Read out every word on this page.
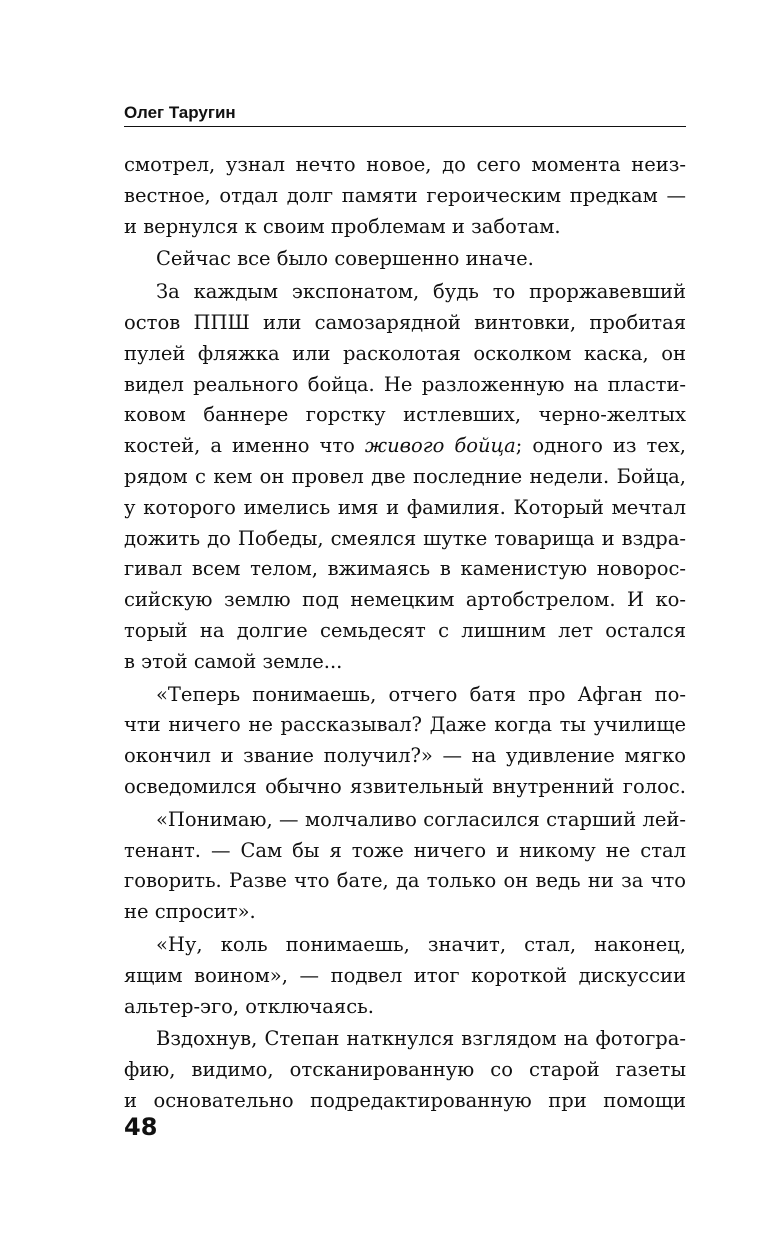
Олег Таругин
смотрел, узнал нечто новое, до сего момента неиз-
вестное, отдал долг памяти героическим предкам —
и вернулся к своим проблемам и заботам.
Сейчас все было совершенно иначе.
За каждым экспонатом, будь то проржавевший
остов ППШ или самозарядной винтовки, пробитая
пулей фляжка или расколотая осколком каска, он
видел реального бойца. Не разложенную на пласти-
ковом баннере горстку истлевших, черно-желтых
костей, а именно что живого бойца; одного из тех,
рядом с кем он провел две последние недели. Бойца,
у которого имелись имя и фамилия. Который мечтал
дожить до Победы, смеялся шутке товарища и вздра-
гивал всем телом, вжимаясь в каменистую новорос-
сийскую землю под немецким артобстрелом. И ко-
торый на долгие семьдесят с лишним лет остался
в этой самой земле...
«Теперь понимаешь, отчего батя про Афган по-
чти ничего не рассказывал? Даже когда ты училище
окончил и звание получил?» — на удивление мягко
осведомился обычно язвительный внутренний голос.
«Понимаю, — молчаливо согласился старший лей-
тенант. — Сам бы я тоже ничего и никому не стал
говорить. Разве что бате, да только он ведь ни за что
не спросит».
«Ну, коль понимаешь, значит, стал, наконец,
ящим воином», — подвел итог короткой дискуссии
альтер-эго, отключаясь.
Вздохнув, Степан наткнулся взглядом на фотогра-
фию, видимо, отсканированную со старой газеты
и основательно подредактированную при помощи
48
